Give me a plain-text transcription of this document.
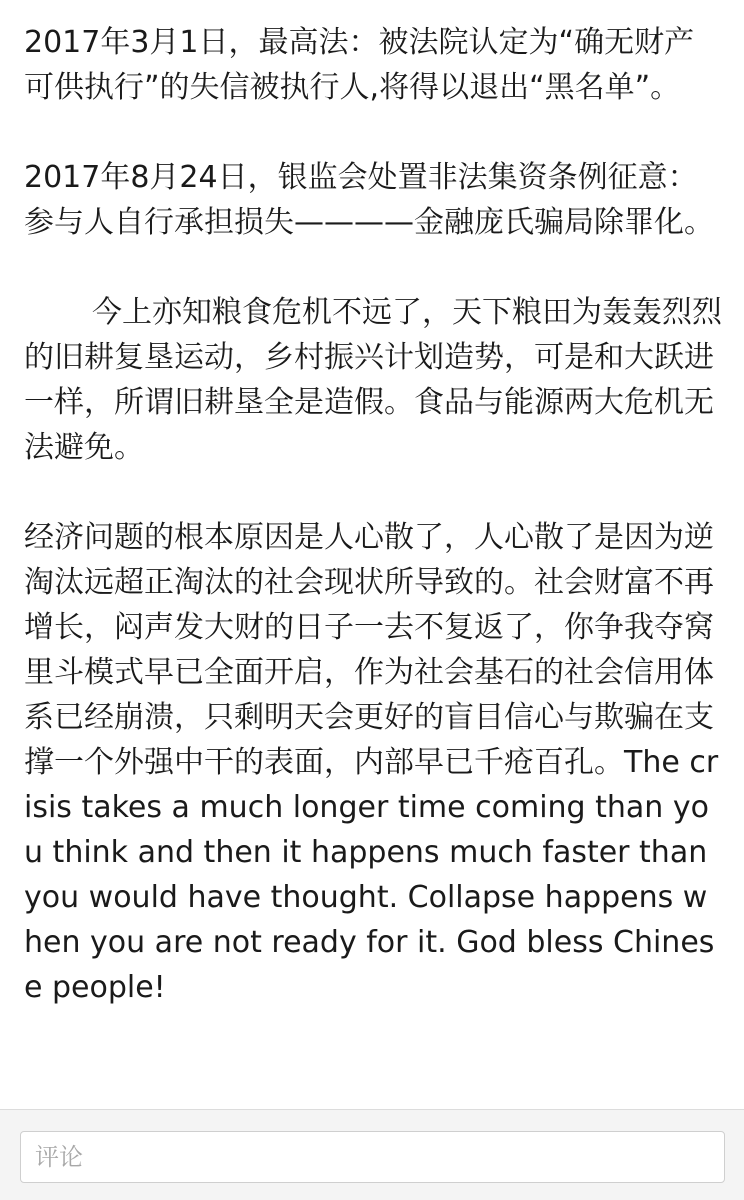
2017年3月1日，最高法：被法院认定为“确无财产可供执行”的失信被执行人,将得以退出“黑名单”。

2017年8月24日，银监会处置非法集资条例征意：参与人自行承担损失————金融庞氏骗局除罪化。

今上亦知粮食危机不远了，天下粮田为轰轰烈烈的旧耕复垦运动，乡村振兴计划造势，可是和大跃进一样，所谓旧耕垦全是造假。食品与能源两大危机无法避免。

经济问题的根本原因是人心散了，人心散了是因为逆淘汰远超正淘汰的社会现状所导致的。社会财富不再增长，闷声发大财的日子一去不复返了，你争我夺窝里斗模式早已全面开启，作为社会基石的社会信用体系已经崩溃，只剩明天会更好的盲目信心与欺骗在支撑一个外强中干的表面，内部早已千疮百孔。The crisis takes a much longer time coming than you think and then it happens much faster than you would have thought. Collapse happens when you are not ready for it. God bless Chinese people!

评论
